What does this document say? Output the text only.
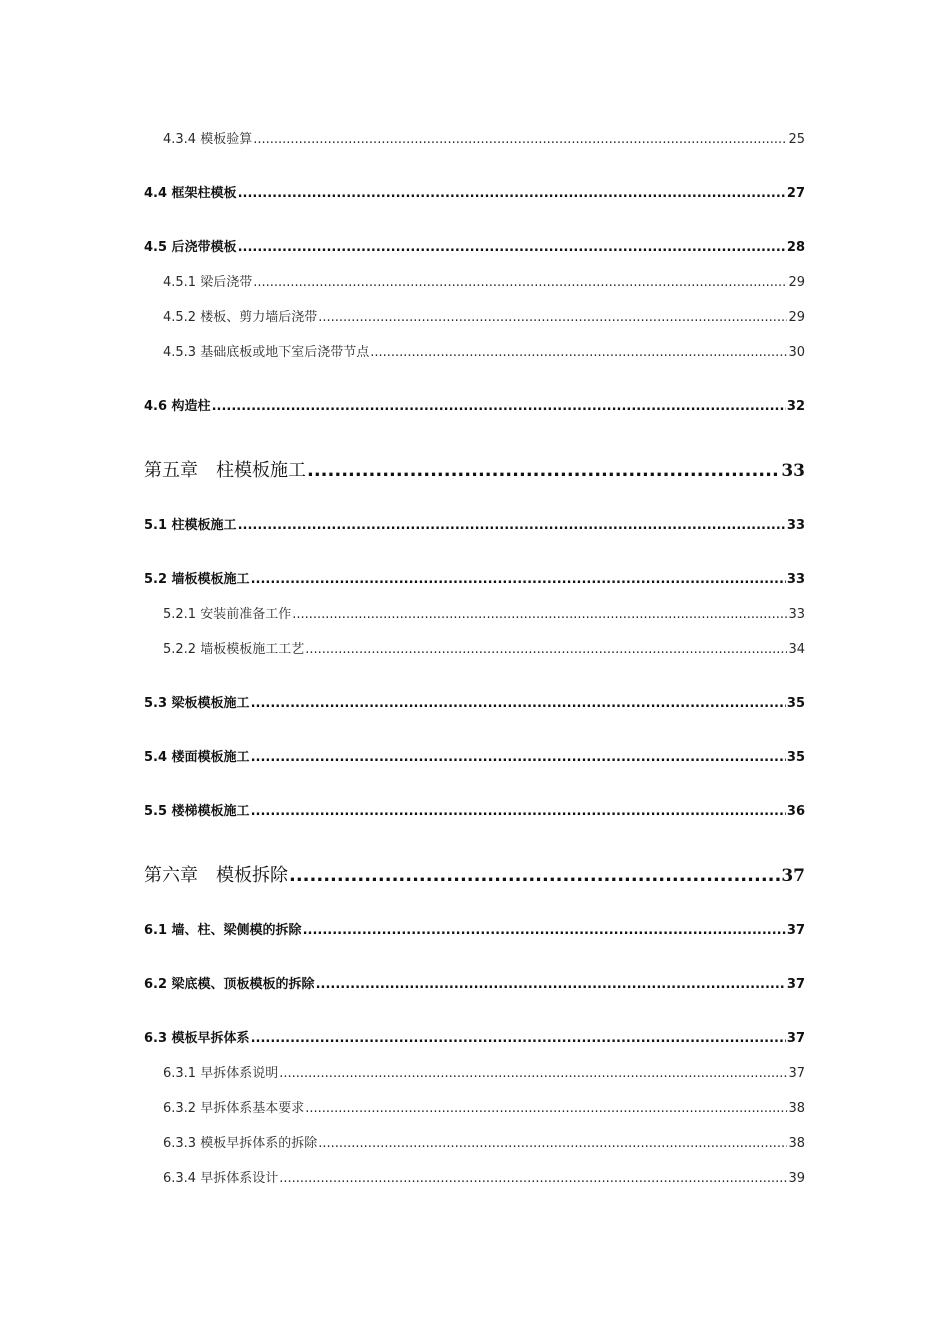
4.3.4 模板验算 .....	25
4.4 框架柱模板 .....	27
4.5 后浇带模板 .....	28
4.5.1 梁后浇带 .....	29
4.5.2 楼板、剪力墙后浇带 .....	29
4.5.3 基础底板或地下室后浇带节点 .....	30
4.6 构造柱 .....	32
第五章　柱模板施工 .....	33
5.1 柱模板施工 .....	33
5.2 墙板模板施工 .....	33
5.2.1 安装前准备工作 .....	33
5.2.2 墙板模板施工工艺 .....	34
5.3 梁板模板施工 .....	35
5.4 楼面模板施工 .....	35
5.5 楼梯模板施工 .....	36
第六章　模板拆除 .....	37
6.1 墙、柱、梁侧模的拆除 .....	37
6.2 梁底模、顶板模板的拆除 .....	37
6.3 模板早拆体系 .....	37
6.3.1 早拆体系说明 .....	37
6.3.2 早拆体系基本要求 .....	38
6.3.3 模板早拆体系的拆除 .....	38
6.3.4 早拆体系设计 .....	39
